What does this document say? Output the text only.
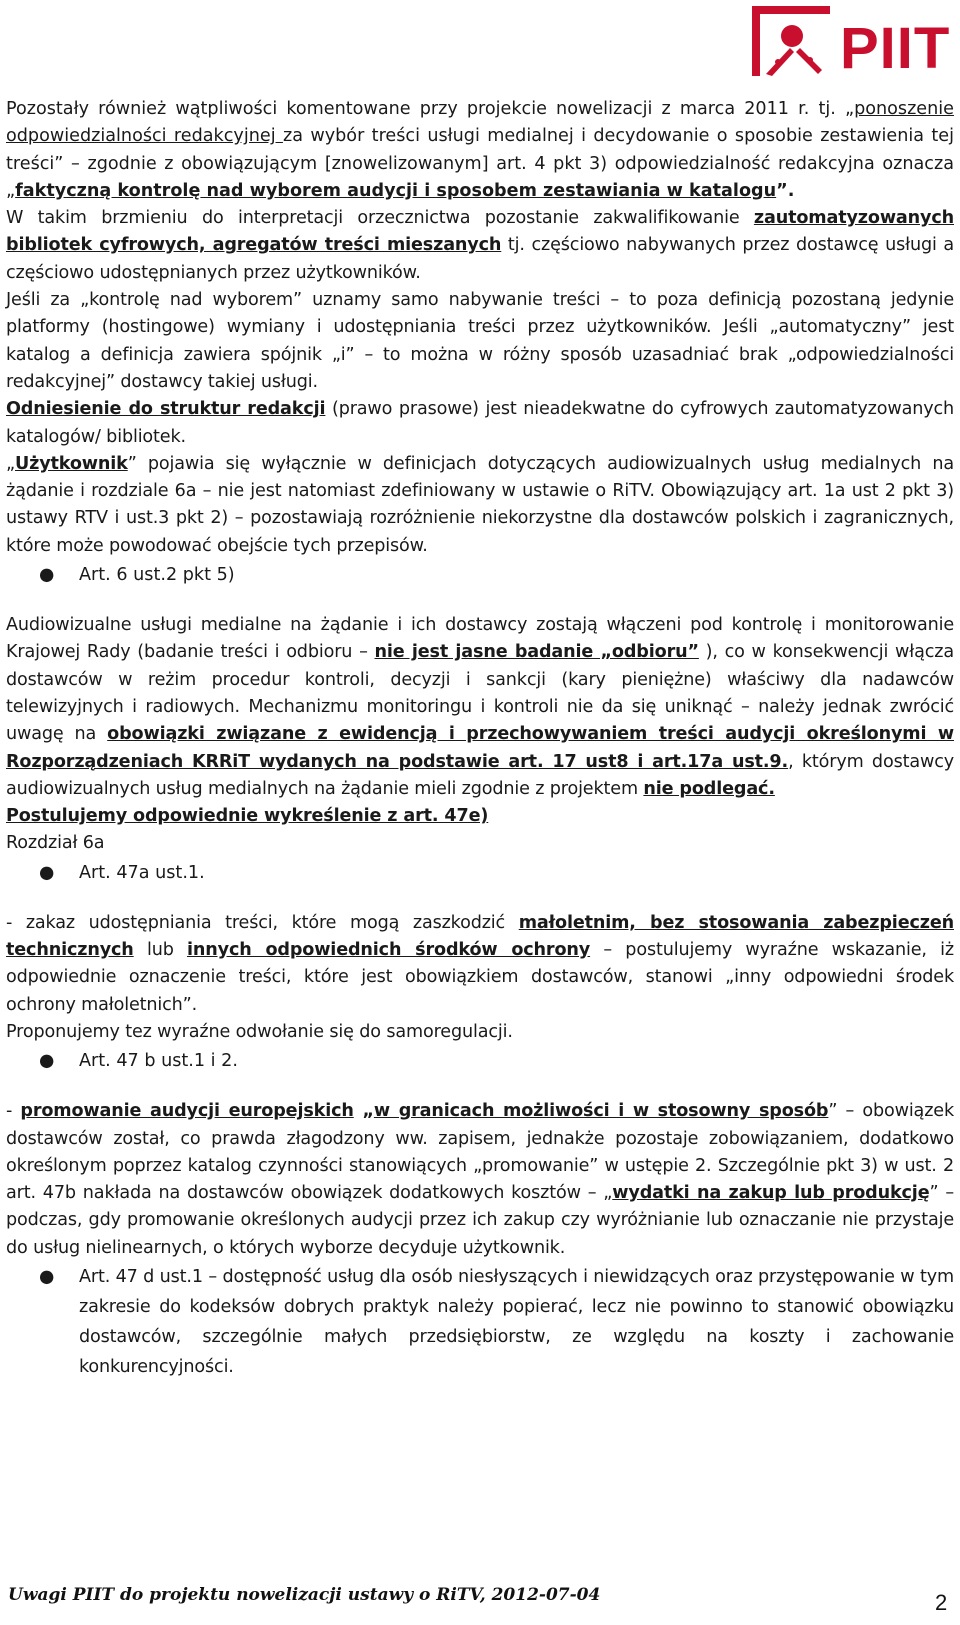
PIIT

Pozostały również wątpliwości komentowane przy projekcie nowelizacji z marca 2011 r. tj. „ponoszenie odpowiedzialności redakcyjnej za wybór treści usługi medialnej i decydowanie o sposobie zestawienia tej treści” – zgodnie z obowiązującym [znowelizowanym] art. 4 pkt 3) odpowiedzialność redakcyjna oznacza „faktyczną kontrolę nad wyborem audycji i sposobem zestawiania w katalogu”.

W takim brzmieniu do interpretacji orzecznictwa pozostanie zakwalifikowanie zautomatyzowanych bibliotek cyfrowych, agregatów treści mieszanych tj. częściowo nabywanych przez dostawcę usługi a częściowo udostępnianych przez użytkowników.

Jeśli za „kontrolę nad wyborem” uznamy samo nabywanie treści – to poza definicją pozostaną jedynie platformy (hostingowe) wymiany i udostępniania treści przez użytkowników. Jeśli „automatyczny” jest katalog a definicja zawiera spójnik „i” – to można w różny sposób uzasadniać brak „odpowiedzialności redakcyjnej” dostawcy takiej usługi.

Odniesienie do struktur redakcji (prawo prasowe) jest nieadekwatne do cyfrowych zautomatyzowanych katalogów/ bibliotek.

„Użytkownik” pojawia się wyłącznie w definicjach dotyczących audiowizualnych usług medialnych na żądanie i rozdziale 6a – nie jest natomiast zdefiniowany w ustawie o RiTV. Obowiązujący art. 1a ust 2 pkt 3) ustawy RTV i ust.3 pkt 2) – pozostawiają rozróżnienie niekorzystne dla dostawców polskich i zagranicznych, które może powodować obejście tych przepisów.

● Art. 6 ust.2 pkt 5)

Audiowizualne usługi medialne na żądanie i ich dostawcy zostają włączeni pod kontrolę i monitorowanie Krajowej Rady (badanie treści i odbioru – nie jest jasne badanie „odbioru” ), co w konsekwencji włącza dostawców w reżim procedur kontroli, decyzji i sankcji (kary pieniężne) właściwy dla nadawców telewizyjnych i radiowych. Mechanizmu monitoringu i kontroli nie da się uniknąć – należy jednak zwrócić uwagę na obowiązki związane z ewidencją i przechowywaniem treści audycji określonymi w Rozporządzeniach KRRiT wydanych na podstawie art. 17 ust8 i art.17a ust.9., którym dostawcy audiowizualnych usług medialnych na żądanie mieli zgodnie z projektem nie podlegać.

Postulujemy odpowiednie wykreślenie z art. 47e)

Rozdział 6a

● Art. 47a ust.1.

- zakaz udostępniania treści, które mogą zaszkodzić małoletnim, bez stosowania zabezpieczeń technicznych lub innych odpowiednich środków ochrony – postulujemy wyraźne wskazanie, iż odpowiednie oznaczenie treści, które jest obowiązkiem dostawców, stanowi „inny odpowiedni środek ochrony małoletnich”.

Proponujemy tez wyraźne odwołanie się do samoregulacji.

● Art. 47 b ust.1 i 2.

- promowanie audycji europejskich „w granicach możliwości i w stosowny sposób” – obowiązek dostawców został, co prawda złagodzony ww. zapisem, jednakże pozostaje zobowiązaniem, dodatkowo określonym poprzez katalog czynności stanowiących „promowanie” w ustępie 2. Szczególnie pkt 3) w ust. 2 art. 47b nakłada na dostawców obowiązek dodatkowych kosztów – „wydatki na zakup lub produkcję” – podczas, gdy promowanie określonych audycji przez ich zakup czy wyróżnianie lub oznaczanie nie przystaje do usług nielinearnych, o których wyborze decyduje użytkownik.

● Art. 47 d ust.1 – dostępność usług dla osób niesłyszących i niewidzących oraz przystępowanie w tym zakresie do kodeksów dobrych praktyk należy popierać, lecz nie powinno to stanowić obowiązku dostawców, szczególnie małych przedsiębiorstw, ze względu na koszty i zachowanie konkurencyjności.
Uwagi PIIT do projektu nowelizacji ustawy o RiTV, 2012-07-04	2
